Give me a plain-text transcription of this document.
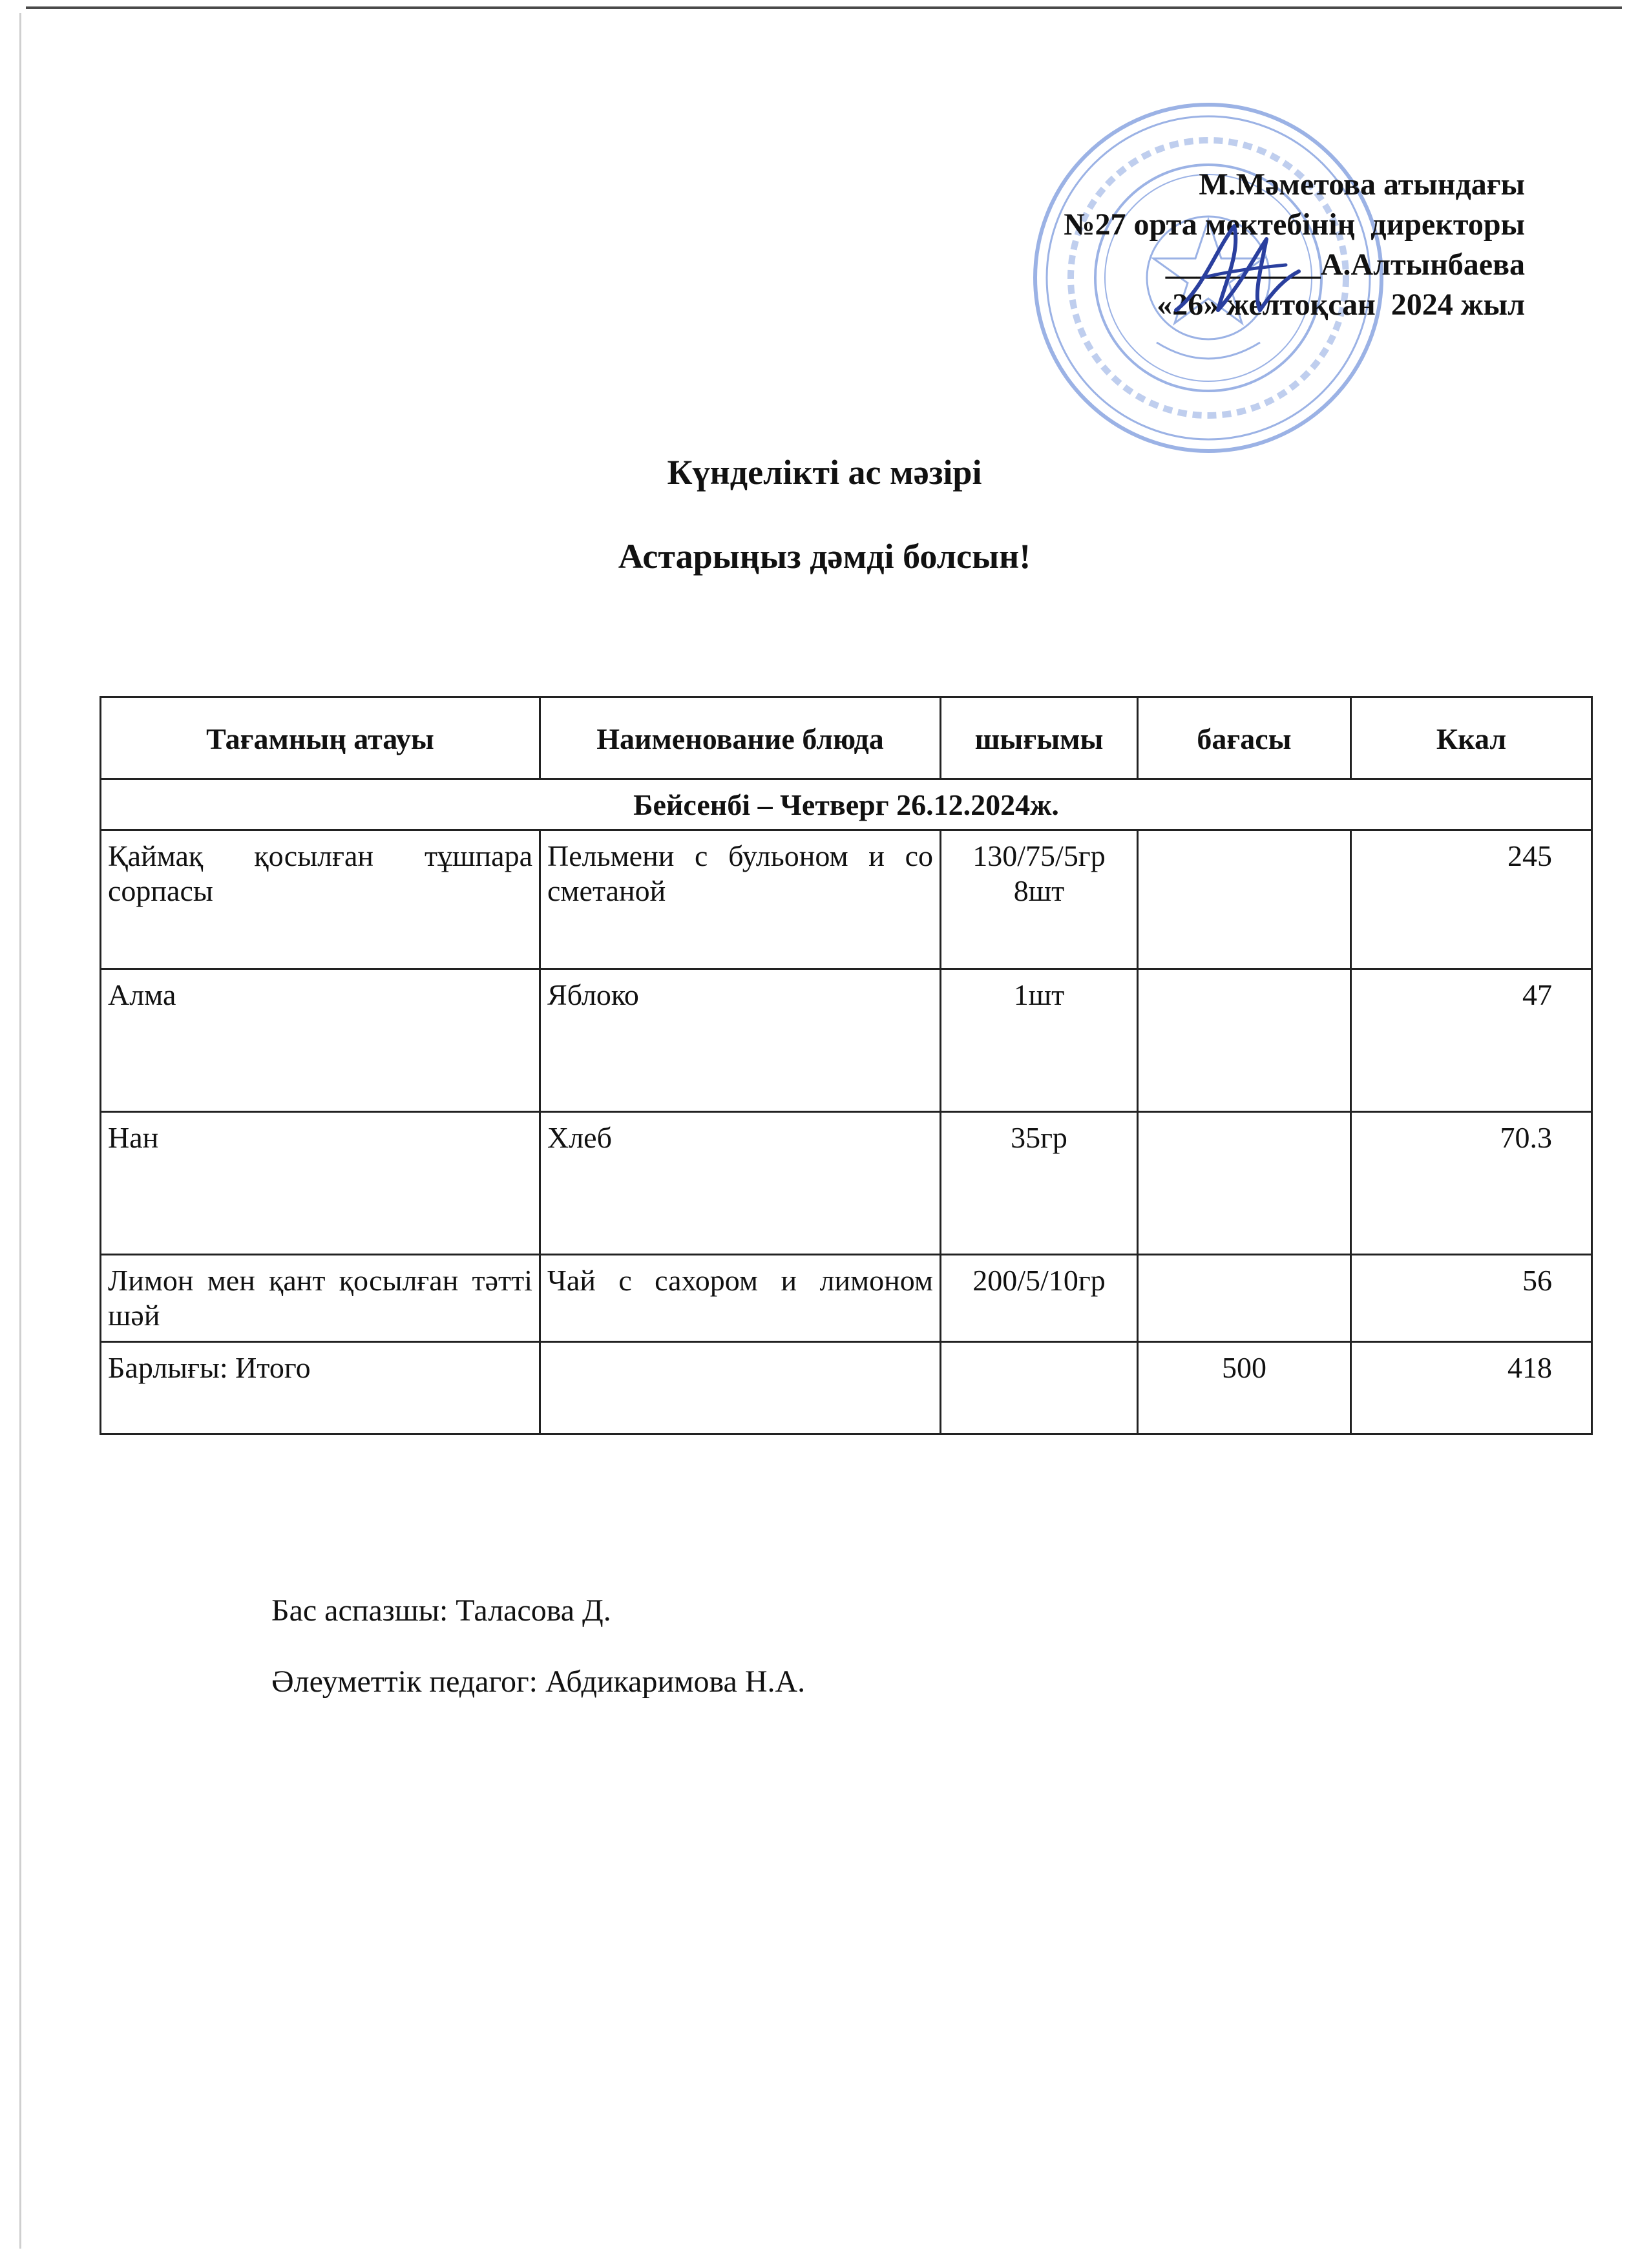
М.Мәметова атындағы
№27 орта мектебінің  директоры
__________А.Алтынбаева
«26» желтоқсан  2024 жыл
Күнделікті ас мәзірі
Астарыңыз дәмді болсын!
Тағамның атауы	Наименование блюда	шығымы	бағасы	Ккал
Бейсенбі – Четверг 26.12.2024ж.				
Қаймақ қосылған тұшпара сорпасы	Пельмени с бульоном и со сметаной	130/75/5гр 8шт		245
Алма	Яблоко	1шт		47
Нан	Хлеб	35гр		70.3
Лимон мен қант қосылған тәтті шәй	Чай с сахором и лимоном	200/5/10гр		56
Барлығы: Итого			500	418
Бас аспазшы: Таласова Д.
Әлеуметтік педагог: Абдикаримова Н.А.
